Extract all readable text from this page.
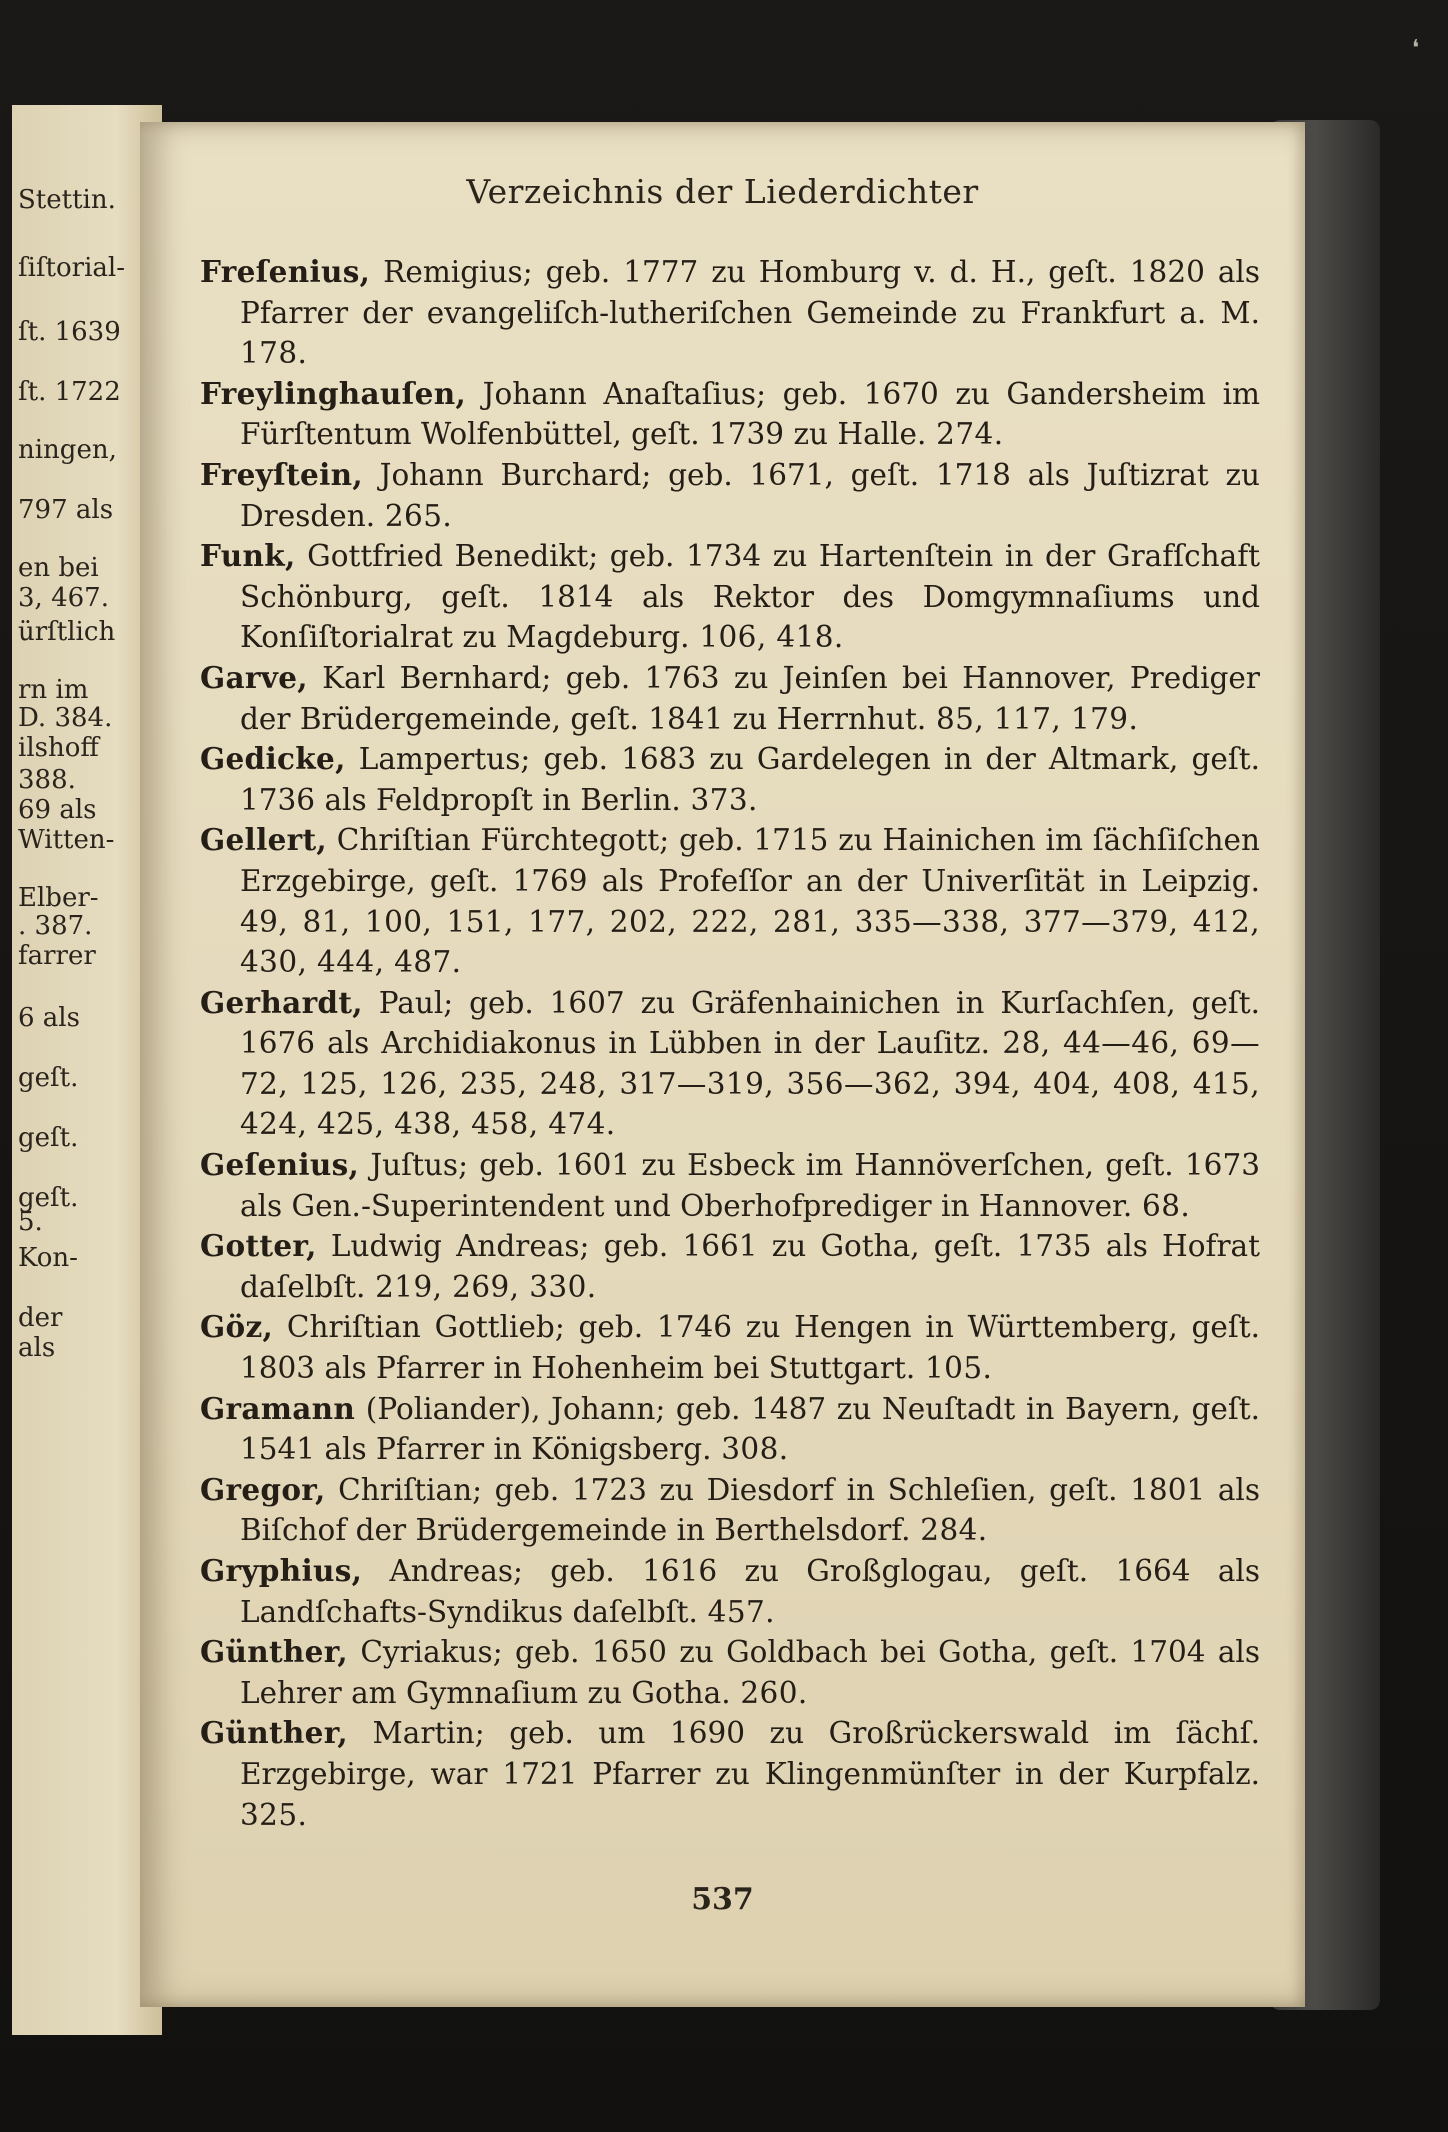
❛
Stettin.
ſiſtorial-
ſt. 1639
ſt. 1722
ningen,
797 als
en bei
3, 467.
ürſtlich
rn im
D. 384.
ilshoff
388.
69 als
Witten-
Elber-
. 387.
farrer
6 als
geſt.
geſt.
geſt.
5.
Kon-
der
als
Verzeichnis der Liederdichter

Freſenius, Remigius; geb. 1777 zu Homburg v. d. H., geſt. 1820 als Pfarrer der evangeliſch-lutheriſchen Gemeinde zu Frankfurt a. M. 178.

Freylinghauſen, Johann Anaſtaſius; geb. 1670 zu Gandersheim im Fürſtentum Wolfenbüttel, geſt. 1739 zu Halle. 274.

Freyſtein, Johann Burchard; geb. 1671, geſt. 1718 als Juſtizrat zu Dresden. 265.

Funk, Gottfried Benedikt; geb. 1734 zu Hartenſtein in der Grafſchaft Schönburg, geſt. 1814 als Rektor des Domgymnaſiums und Konſiſtorialrat zu Magdeburg. 106, 418.

Garve, Karl Bernhard; geb. 1763 zu Jeinſen bei Hannover, Prediger der Brüdergemeinde, geſt. 1841 zu Herrnhut. 85, 117, 179.

Gedicke, Lampertus; geb. 1683 zu Gardelegen in der Altmark, geſt. 1736 als Feldpropſt in Berlin. 373.

Gellert, Chriſtian Fürchtegott; geb. 1715 zu Hainichen im ſächſiſchen Erzgebirge, geſt. 1769 als Profeſſor an der Univerſität in Leipzig. 49, 81, 100, 151, 177, 202, 222, 281, 335—338, 377—379, 412, 430, 444, 487.

Gerhardt, Paul; geb. 1607 zu Gräfenhainichen in Kurſachſen, geſt. 1676 als Archidiakonus in Lübben in der Lauſitz. 28, 44—46, 69—72, 125, 126, 235, 248, 317—319, 356—362, 394, 404, 408, 415, 424, 425, 438, 458, 474.

Geſenius, Juſtus; geb. 1601 zu Esbeck im Hannöverſchen, geſt. 1673 als Gen.-Superintendent und Oberhofprediger in Hannover. 68.

Gotter, Ludwig Andreas; geb. 1661 zu Gotha, geſt. 1735 als Hofrat daſelbſt. 219, 269, 330.

Göz, Chriſtian Gottlieb; geb. 1746 zu Hengen in Württemberg, geſt. 1803 als Pfarrer in Hohenheim bei Stuttgart. 105.

Gramann (Poliander), Johann; geb. 1487 zu Neuſtadt in Bayern, geſt. 1541 als Pfarrer in Königsberg. 308.

Gregor, Chriſtian; geb. 1723 zu Diesdorf in Schleſien, geſt. 1801 als Biſchof der Brüdergemeinde in Berthelsdorf. 284.

Gryphius, Andreas; geb. 1616 zu Großglogau, geſt. 1664 als Landſchafts-Syndikus daſelbſt. 457.

Günther, Cyriakus; geb. 1650 zu Goldbach bei Gotha, geſt. 1704 als Lehrer am Gymnaſium zu Gotha. 260.

Günther, Martin; geb. um 1690 zu Großrückerswald im ſächſ. Erzgebirge, war 1721 Pfarrer zu Klingenmünſter in der Kurpfalz. 325.

537
